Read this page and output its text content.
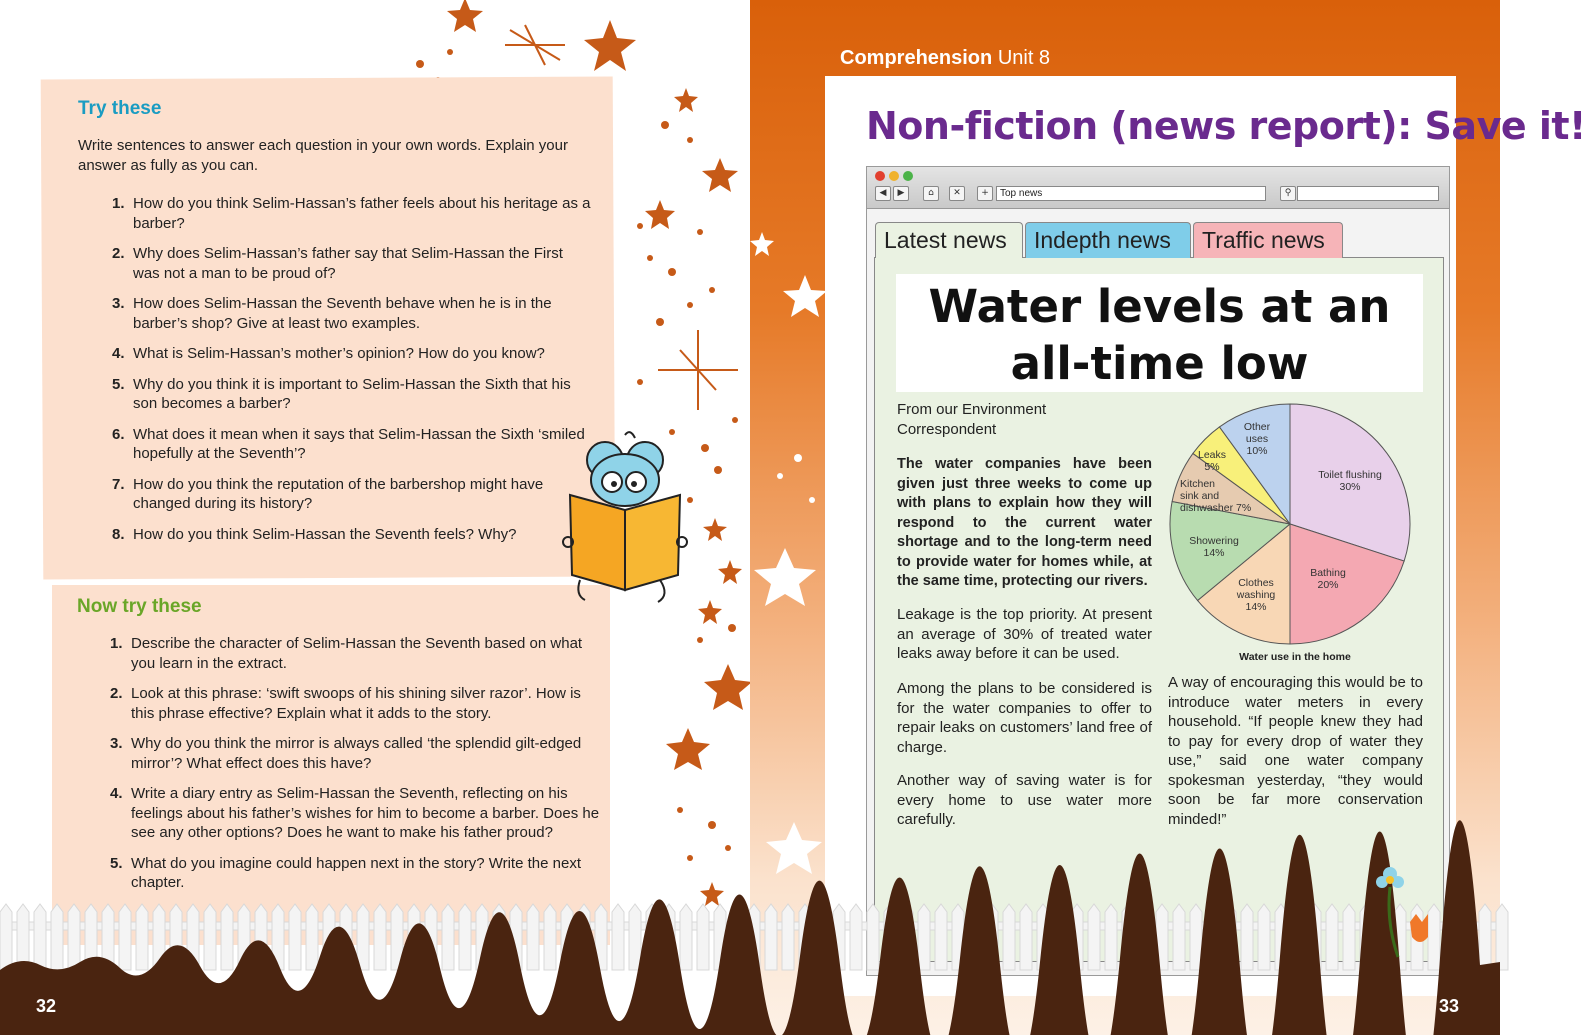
Try these

Write sentences to answer each question in your own words. Explain your answer as fully as you can.

1. How do you think Selim-Hassan’s father feels about his heritage as a barber?
2. Why does Selim-Hassan’s father say that Selim-Hassan the First was not a man to be proud of?
3. How does Selim-Hassan the Seventh behave when he is in the barber’s shop? Give at least two examples.
4. What is Selim-Hassan’s mother’s opinion? How do you know?
5. Why do you think it is important to Selim-Hassan the Sixth that his son becomes a barber?
6. What does it mean when it says that Selim-Hassan the Sixth ‘smiled hopefully at the Seventh’?
7. How do you think the reputation of the barbershop might have changed during its history?
8. How do you think Selim-Hassan the Seventh feels? Why?
Now try these
1. Describe the character of Selim-Hassan the Seventh based on what you learn in the extract.
2. Look at this phrase: ‘swift swoops of his shining silver razor’. How is this phrase effective? Explain what it adds to the story.
3. Why do you think the mirror is always called ‘the splendid gilt-edged mirror’? What effect does this have?
4. Write a diary entry as Selim-Hassan the Seventh, reflecting on his feelings about his father’s wishes for him to become a barber. Does he see any other options? Does he want to make his father proud?
5. What do you imagine could happen next in the story? Write the next chapter.
Comprehension Unit 8
Non-fiction (news report): Save it!
◀	▶	⌂	✕	+	Top news	⚲
Latest news	Indepth news	Traffic news
Water levels at an
all-time low
From our Environment
Correspondent

The water companies have been given just three weeks to come up with plans to explain how they will respond to the current water shortage and to the long-term need to provide water for homes while, at the same time, protecting our rivers.

Leakage is the top priority. At present an average of 30% of treated water leaks away before it can be used.

Among the plans to be considered is for the water companies to offer to repair leaks on customers’ land free of charge.

Another way of saving water is for every home to use water more carefully.

A way of encouraging this would be to introduce water meters in every household. “If people knew they had to pay for every drop of water they use,” said one water company spokesman yesterday, “they would soon be far more conservation minded!”

Toilet flushing 30%
Bathing 20%
Clothes washing 14%
Showering 14%
Kitchen sink and dishwasher 7%
Leaks 5%
Other uses 10%
Water use in the home
32	33
